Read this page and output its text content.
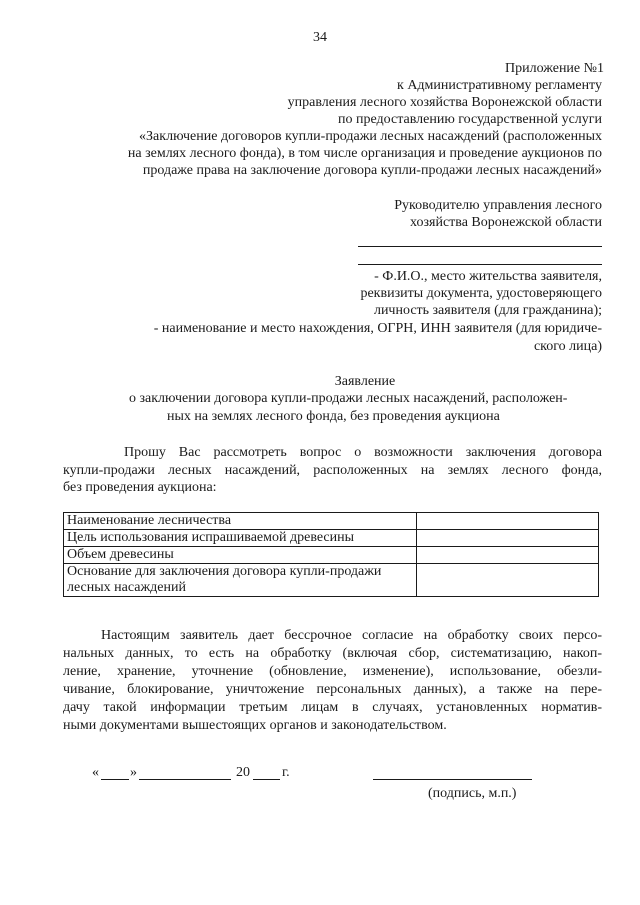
34
Приложение №1
к Административному регламенту
управления лесного хозяйства Воронежской области
по предоставлению государственной услуги
«Заключение договоров купли-продажи лесных насаждений (расположенных
на землях лесного фонда), в том числе организация и проведение аукционов по
продаже права на заключение договора купли-продажи лесных насаждений»
Руководителю управления лесного
хозяйства Воронежской области
- Ф.И.О., место жительства заявителя,
реквизиты документа, удостоверяющего
личность заявителя (для гражданина);
- наименование и место нахождения, ОГРН, ИНН заявителя (для юридиче-
ского лица)
Заявление
о заключении договора купли-продажи лесных насаждений, расположен-
ных на землях лесного фонда, без проведения аукциона
Прошу Вас рассмотреть вопрос о возможности заключения договора
купли-продажи лесных насаждений, расположенных на землях лесного фонда,
без проведения аукциона:
Наименование лесничества	
Цель использования испрашиваемой древесины	
Объем древесины	
Основание для заключения договора купли-продажи
лесных насаждений	
Настоящим заявитель дает бессрочное согласие на обработку своих персо-
нальных данных, то есть на обработку (включая сбор, систематизацию, накоп-
ление, хранение, уточнение (обновление, изменение), использование, обезли-
чивание, блокирование, уничтожение персональных данных), а также на пере-
дачу такой информации третьим лицам в случаях, установленных норматив-
ными документами вышестоящих органов и законодательством.
« »	20 г.
(подпись, м.п.)
